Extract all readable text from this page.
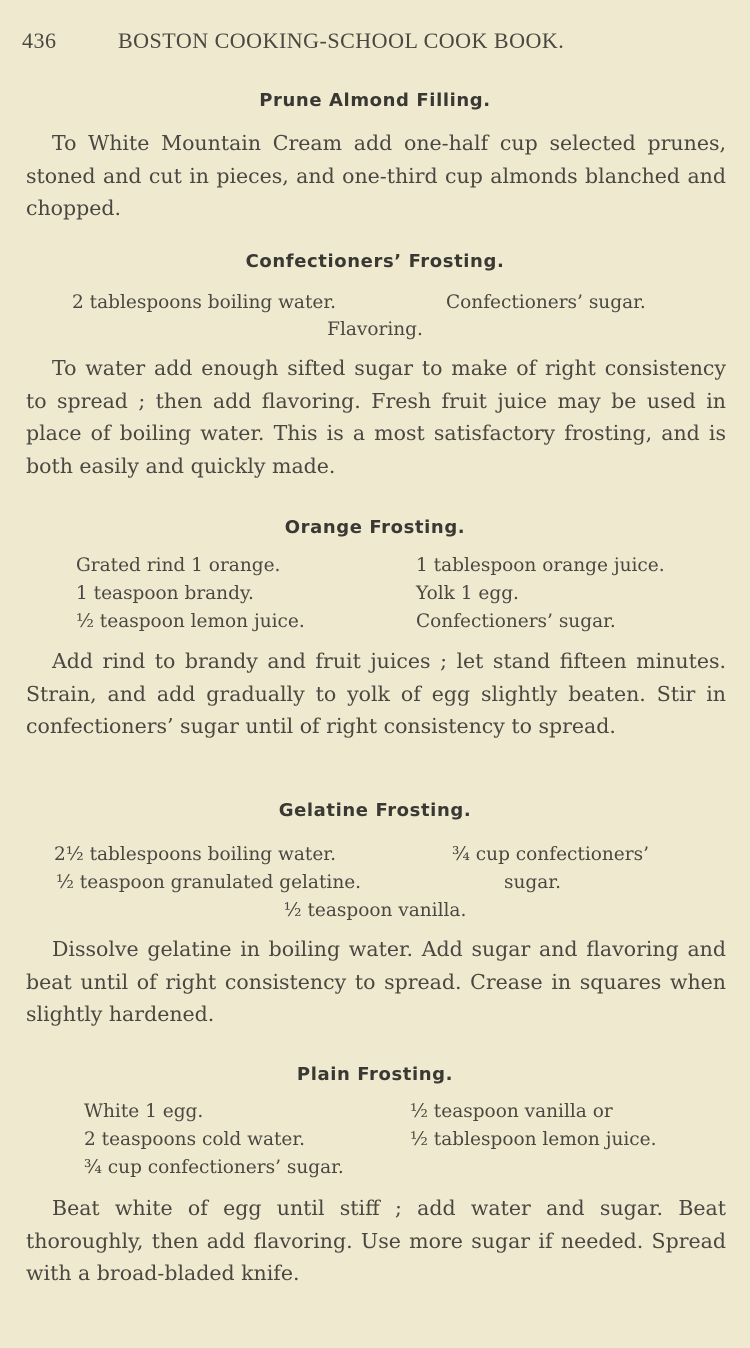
436	BOSTON COOKING-SCHOOL COOK BOOK.
Prune Almond Filling.
To White Mountain Cream add one-half cup selected prunes, stoned and cut in pieces, and one-third cup almonds blanched and chopped.
Confectioners’ Frosting.
2 tablespoons boiling water.	Confectioners’ sugar.
Flavoring.
To water add enough sifted sugar to make of right consistency to spread ; then add flavoring. Fresh fruit juice may be used in place of boiling water. This is a most satisfactory frosting, and is both easily and quickly made.
Orange Frosting.
Grated rind 1 orange.
1 teaspoon brandy.
½ teaspoon lemon juice.
1 tablespoon orange juice.
Yolk 1 egg.
Confectioners’ sugar.
Add rind to brandy and fruit juices ; let stand fifteen minutes. Strain, and add gradually to yolk of egg slightly beaten. Stir in confectioners’ sugar until of right consistency to spread.
Gelatine Frosting.
2½ tablespoons boiling water.
½ teaspoon granulated gelatine.
¾ cup confectioners’
sugar.
½ teaspoon vanilla.
Dissolve gelatine in boiling water. Add sugar and flavoring and beat until of right consistency to spread. Crease in squares when slightly hardened.
Plain Frosting.
White 1 egg.
2 teaspoons cold water.
¾ cup confectioners’ sugar.
½ teaspoon vanilla or
½ tablespoon lemon juice.
Beat white of egg until stiff ; add water and sugar. Beat thoroughly, then add flavoring. Use more sugar if needed. Spread with a broad-bladed knife.
